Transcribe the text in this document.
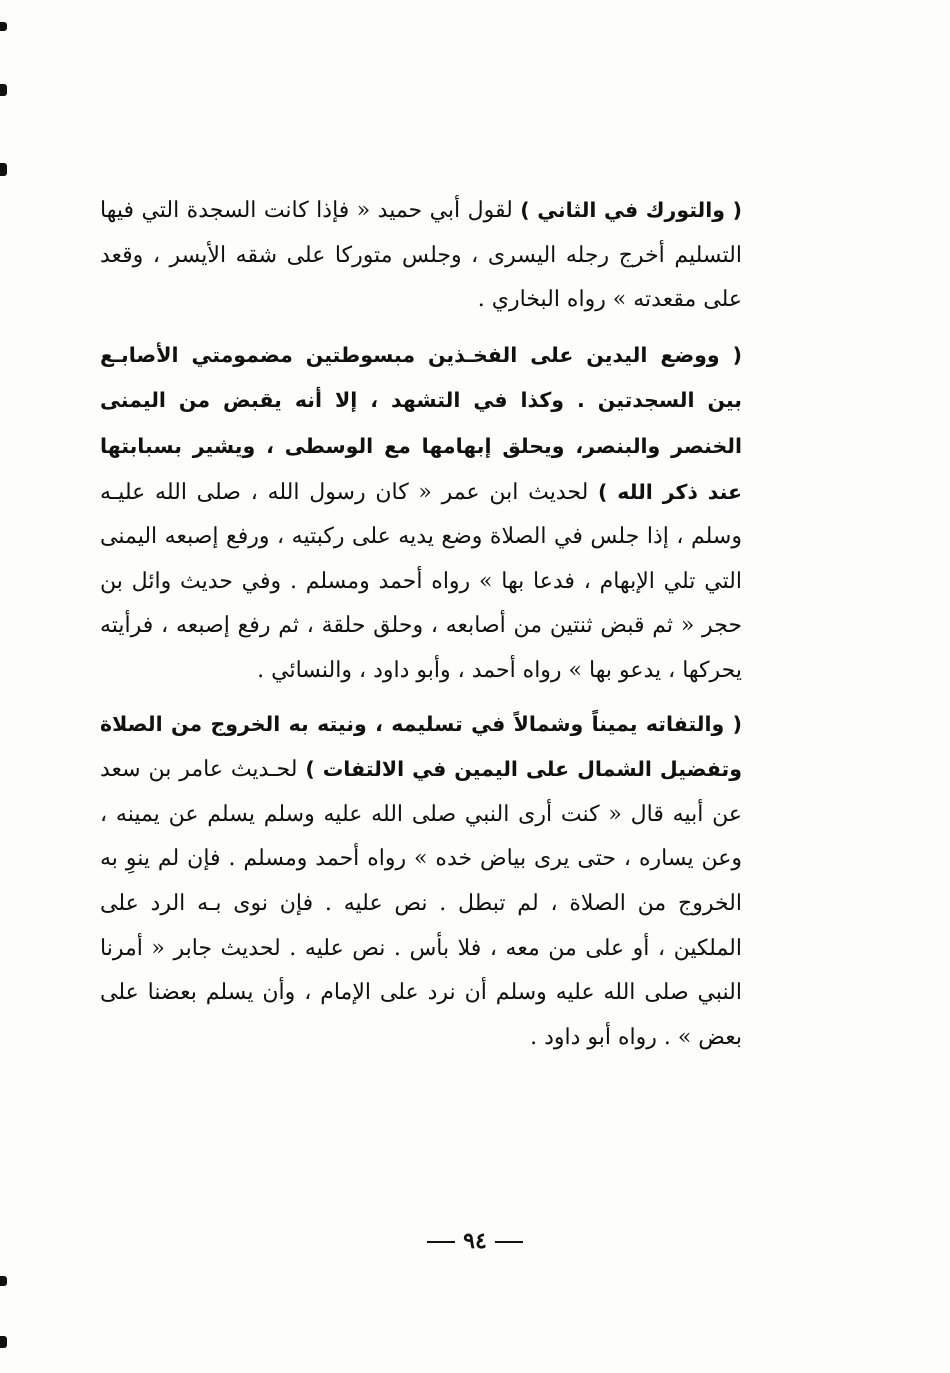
( والتورك في الثاني ) لقول أبي حميد « فإذا كانت السجدة التي فيها التسليم أخرج رجله اليسرى ، وجلس متوركا على شقه الأيسر ، وقعد على مقعدته » رواه البخاري .

( ووضع اليدين على الفخـذين مبسوطتين مضمومتي الأصابـع بين السجدتين . وكذا في التشهد ، إلا أنه يقبض من اليمنى الخنصر والبنصر، ويحلق إبهامها مع الوسطى ، ويشير بسبابتها عند ذكر الله ) لحديث ابن عمر « كان رسول الله ، صلى الله عليـه وسلم ، إذا جلس في الصلاة وضع يديه على ركبتيه ، ورفع إصبعه اليمنى التي تلي الإبهام ، فدعا بها » رواه أحمد ومسلم . وفي حديث وائل بن حجر « ثم قبض ثنتين من أصابعه ، وحلق حلقة ، ثم رفع إصبعه ، فرأيته يحركها ، يدعو بها » رواه أحمد ، وأبو داود ، والنسائي .

( والتفاته يميناً وشمالاً في تسليمه ، ونيته به الخروج من الصلاة وتفضيل الشمال على اليمين في الالتفات ) لحـديث عامر بن سعد عن أبيه قال « كنت أرى النبي صلى الله عليه وسلم يسلم عن يمينه ، وعن يساره ، حتى يرى بياض خده » رواه أحمد ومسلم . فإن لم ينوِ به الخروج من الصلاة ، لم تبطل . نص عليه . فإن نوى بـه الرد على الملكين ، أو على من معه ، فلا بأس . نص عليه . لحديث جابر « أمرنا النبي صلى الله عليه وسلم أن نرد على الإمام ، وأن يسلم بعضنا على بعض » . رواه أبو داود .

٩٤
